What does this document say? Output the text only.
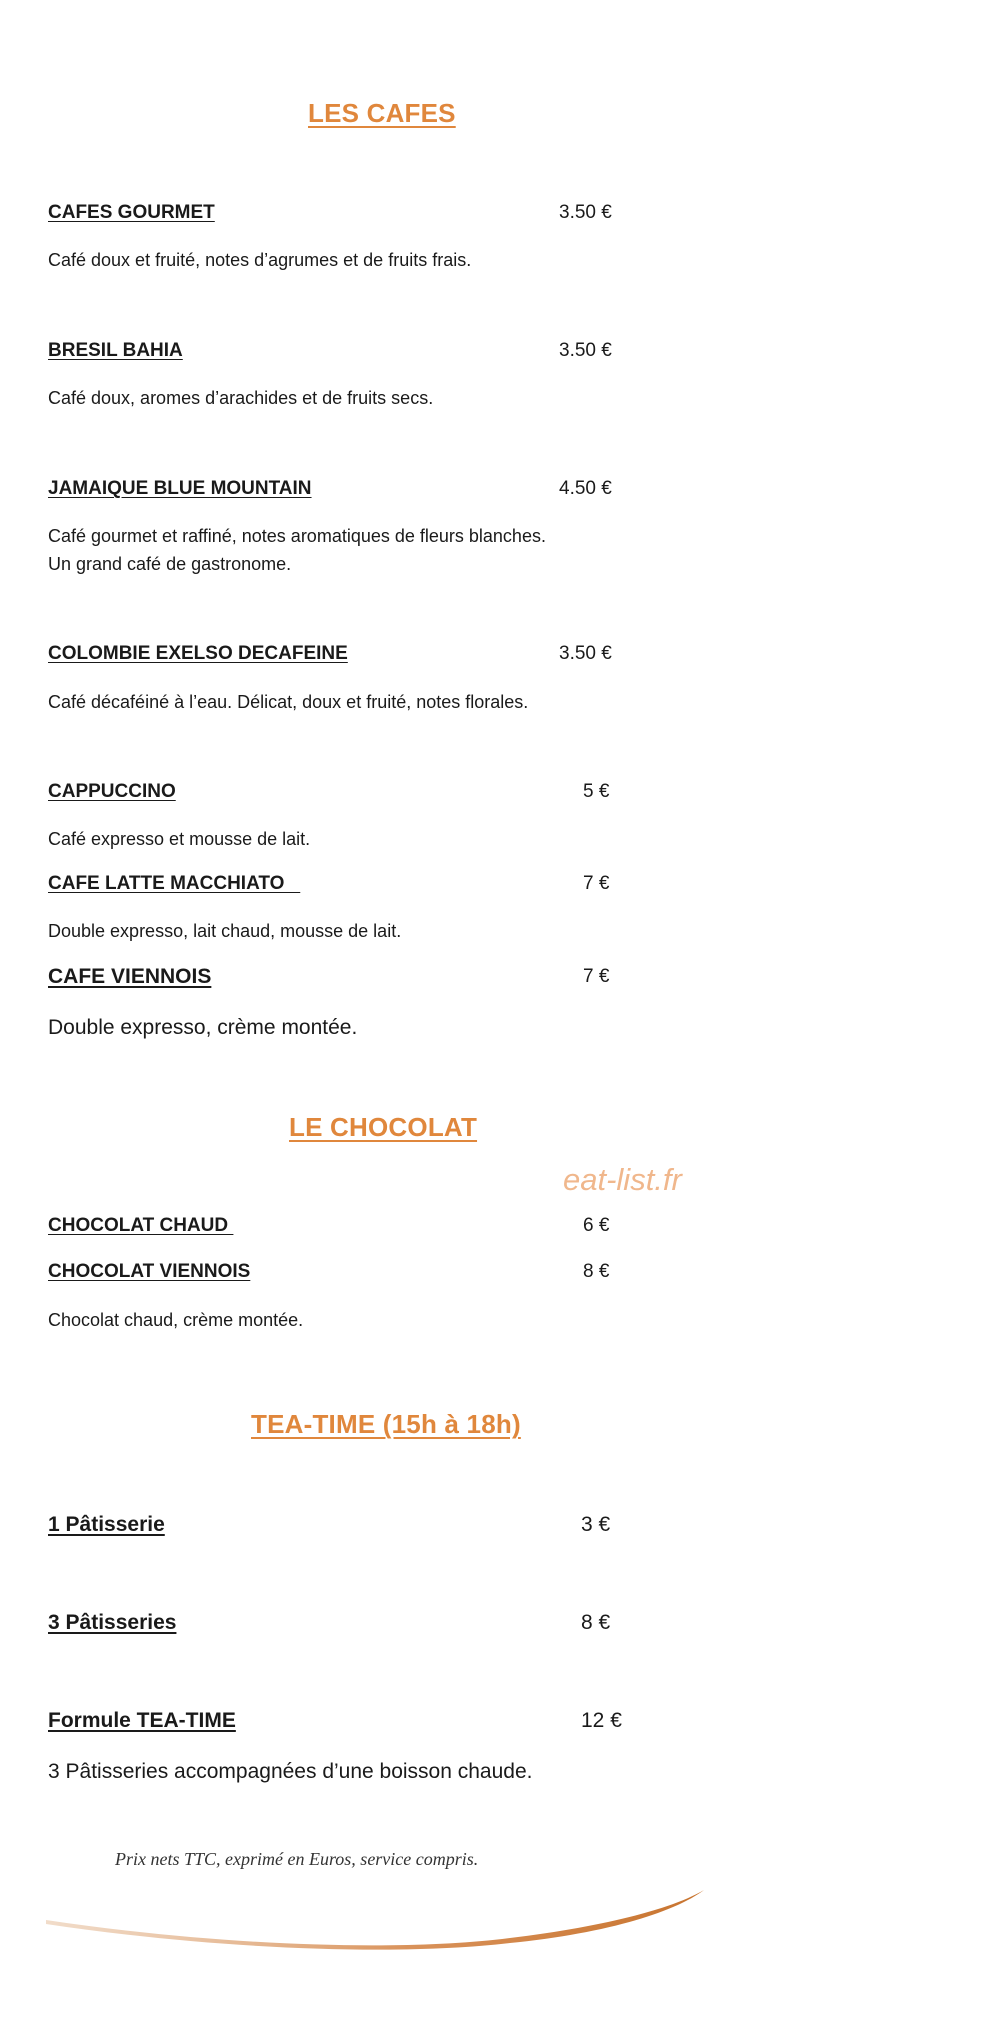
LES CAFES
CAFES GOURMET	3.50 €
Café doux et fruité, notes d’agrumes et de fruits frais.
BRESIL BAHIA	3.50 €
Café doux, aromes d’arachides et de fruits secs.
JAMAIQUE BLUE MOUNTAIN	4.50 €
Café gourmet et raffiné, notes aromatiques de fleurs blanches.
Un grand café de gastronome.
COLOMBIE EXELSO DECAFEINE	3.50 €
Café décaféiné à l’eau. Délicat, doux et fruité, notes florales.
CAPPUCCINO	5 €
Café expresso et mousse de lait.
CAFE LATTE MACCHIATO	7 €
Double expresso, lait chaud, mousse de lait.
CAFE VIENNOIS	7 €
Double expresso, crème montée.
LE CHOCOLAT
eat-list.fr
CHOCOLAT CHAUD	6 €
CHOCOLAT VIENNOIS	8 €
Chocolat chaud, crème montée.
TEA-TIME (15h à 18h)
1 Pâtisserie	3 €
3 Pâtisseries	8 €
Formule TEA-TIME	12 €
3 Pâtisseries accompagnées d’une boisson chaude.
Prix nets TTC, exprimé en Euros, service compris.
